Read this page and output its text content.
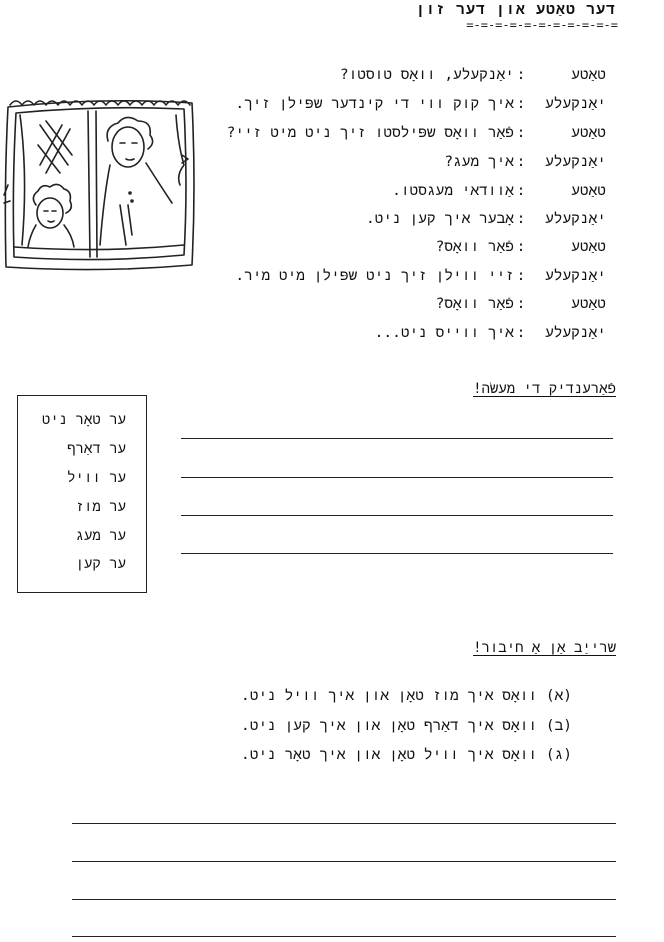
דער טאַטע און דער זון
=-=-=-=-=-=-=-=-=-=-=
טאַטע
:
יאַנקעלע, וואָס טוסטו?
יאַנקעלע
:
איך קוק ווי די קינדער שפּילן זיך.
טאַטע
:
פֿאַר וואָס שפּילסטו זיך ניט מיט זיי?
יאַנקעלע
:
איך מעג?
טאַטע
:
אַוודאי מעגסטו.
יאַנקעלע
:
אָבער איך קען ניט.
טאַטע
:
פֿאַר וואָס?
יאַנקעלע
:
זיי ווילן זיך ניט שפּילן מיט מיר.
טאַטע
:
פֿאַר וואָס?
יאַנקעלע
:
איך ווייס ניט...
פֿאַרענדיק די מעשׂה!
ער טאָר ניט
ער דאַרף
ער וויל
ער מוז
ער מעג
ער קען
שרייַב אַן אַ חיבור!
(א) וואָס איך מוז טאָן און איך וויל ניט.
(ב) וואָס איך דאַרף טאָן און איך קען ניט.
(ג) וואָס איך וויל טאָן און איך טאָר ניט.
